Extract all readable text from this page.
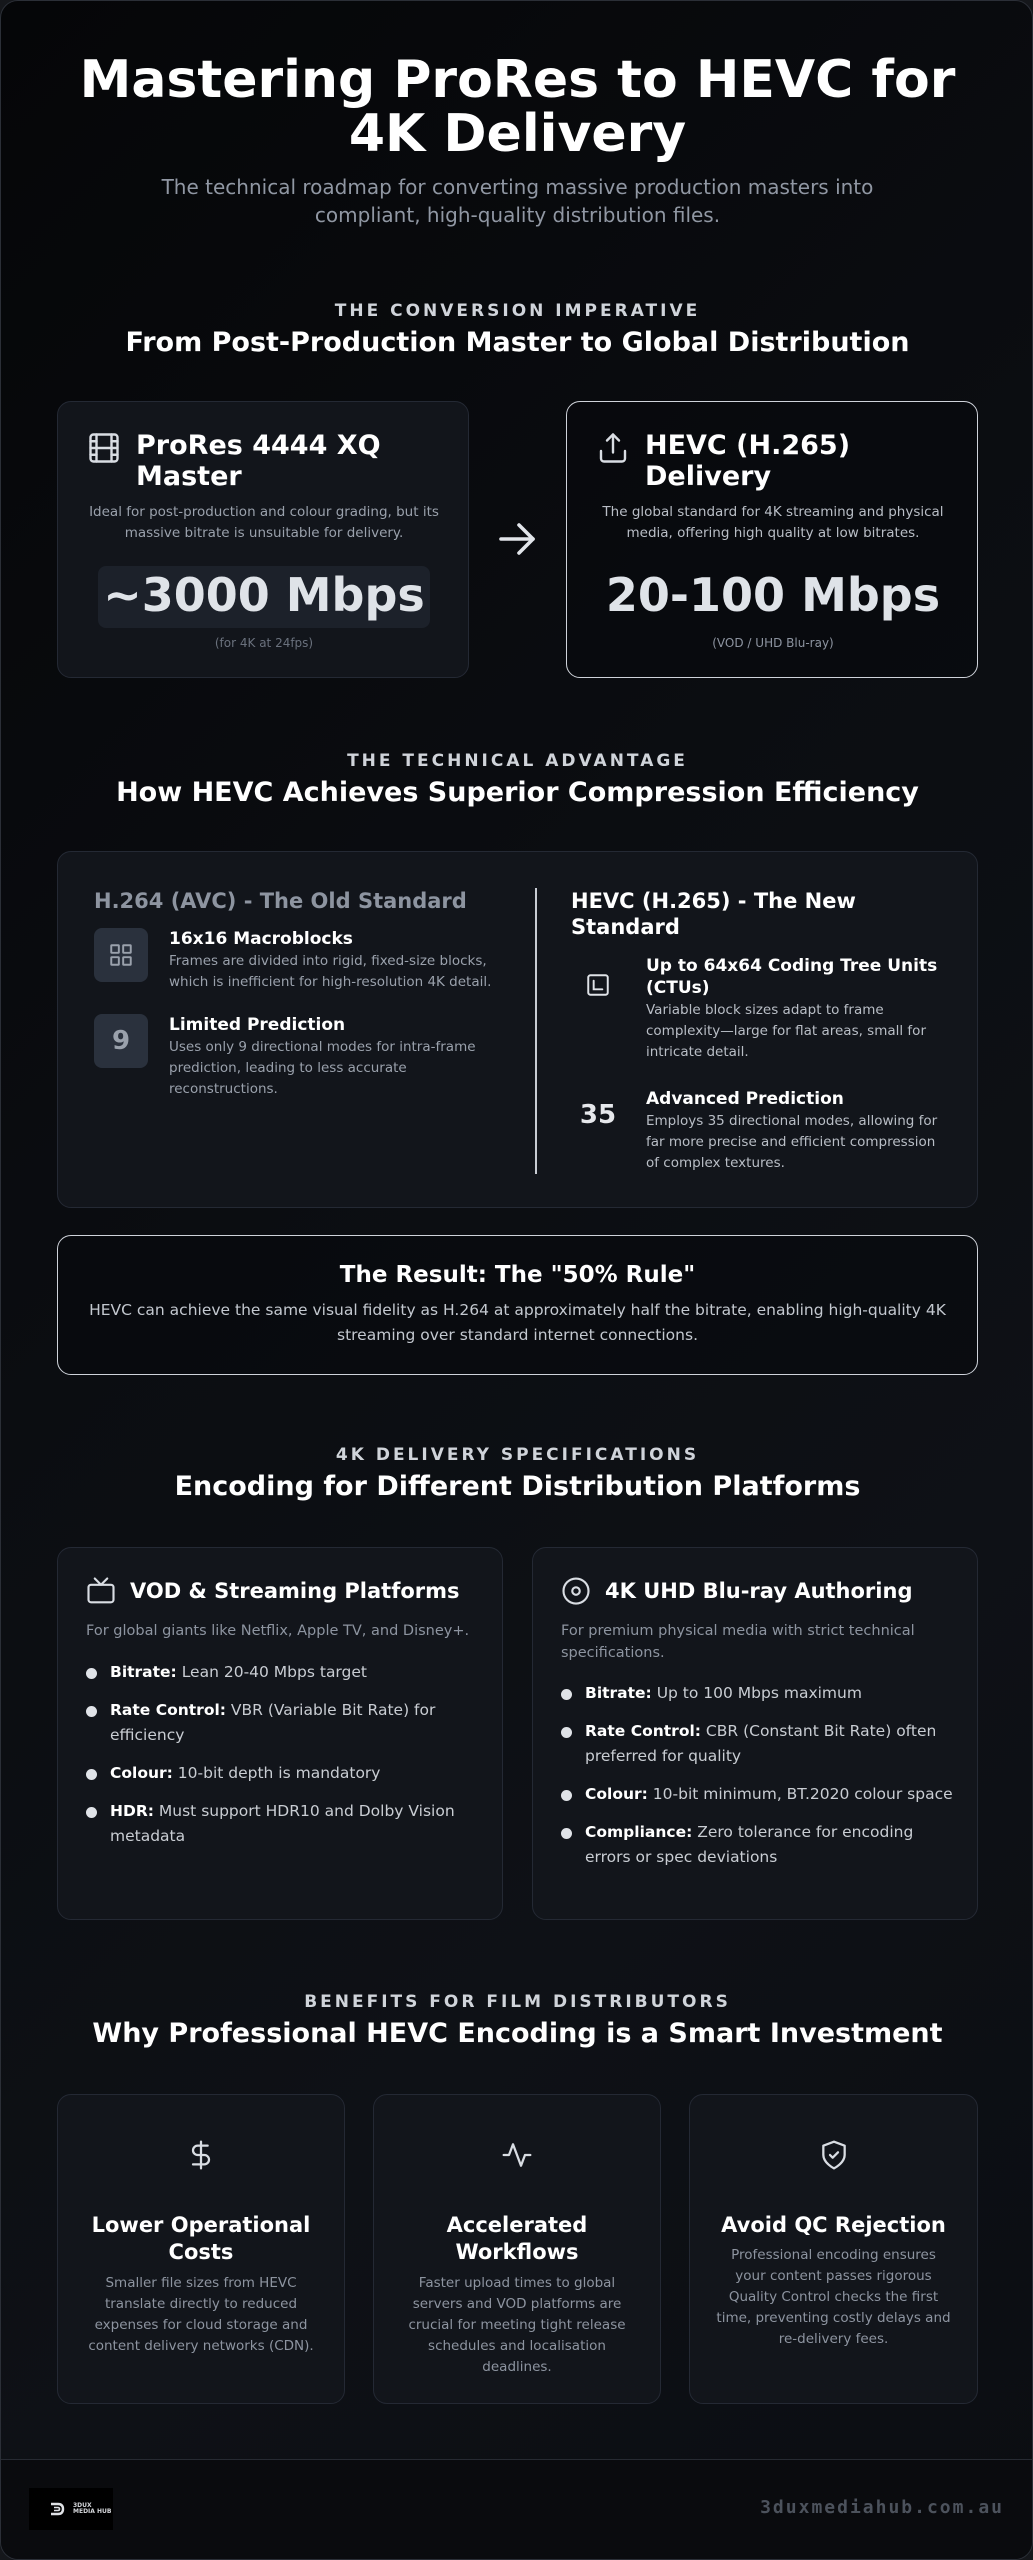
Mastering ProRes to HEVC for 4K Delivery
The technical roadmap for converting massive production masters into compliant, high-quality distribution files.
THE CONVERSION IMPERATIVE
From Post-Production Master to Global Distribution
ProRes 4444 XQ Master
Ideal for post-production and colour grading, but its massive bitrate is unsuitable for delivery.
~3000 Mbps
(for 4K at 24fps)
HEVC (H.265) Delivery
The global standard for 4K streaming and physical media, offering high quality at low bitrates.
20-100 Mbps
(VOD / UHD Blu-ray)
THE TECHNICAL ADVANTAGE
How HEVC Achieves Superior Compression Efficiency
H.264 (AVC) - The Old Standard
16x16 Macroblocks
Frames are divided into rigid, fixed-size blocks, which is inefficient for high-resolution 4K detail.
9
Limited Prediction
Uses only 9 directional modes for intra-frame prediction, leading to less accurate reconstructions.
HEVC (H.265) - The New Standard
Up to 64x64 Coding Tree Units (CTUs)
Variable block sizes adapt to frame complexity—large for flat areas, small for intricate detail.
35
Advanced Prediction
Employs 35 directional modes, allowing for far more precise and efficient compression of complex textures.
The Result: The "50% Rule"
HEVC can achieve the same visual fidelity as H.264 at approximately half the bitrate, enabling high-quality 4K streaming over standard internet connections.
4K DELIVERY SPECIFICATIONS
Encoding for Different Distribution Platforms
VOD & Streaming Platforms
For global giants like Netflix, Apple TV, and Disney+.
Bitrate: Lean 20-40 Mbps target
Rate Control: VBR (Variable Bit Rate) for efficiency
Colour: 10-bit depth is mandatory
HDR: Must support HDR10 and Dolby Vision metadata
4K UHD Blu-ray Authoring
For premium physical media with strict technical specifications.
Bitrate: Up to 100 Mbps maximum
Rate Control: CBR (Constant Bit Rate) often preferred for quality
Colour: 10-bit minimum, BT.2020 colour space
Compliance: Zero tolerance for encoding errors or spec deviations
BENEFITS FOR FILM DISTRIBUTORS
Why Professional HEVC Encoding is a Smart Investment
Lower Operational Costs
Smaller file sizes from HEVC translate directly to reduced expenses for cloud storage and content delivery networks (CDN).
Accelerated Workflows
Faster upload times to global servers and VOD platforms are crucial for meeting tight release schedules and localisation deadlines.
Avoid QC Rejection
Professional encoding ensures your content passes rigorous Quality Control checks the first time, preventing costly delays and re-delivery fees.
3DUX MEDIA HUB	3duxmediahub.com.au
